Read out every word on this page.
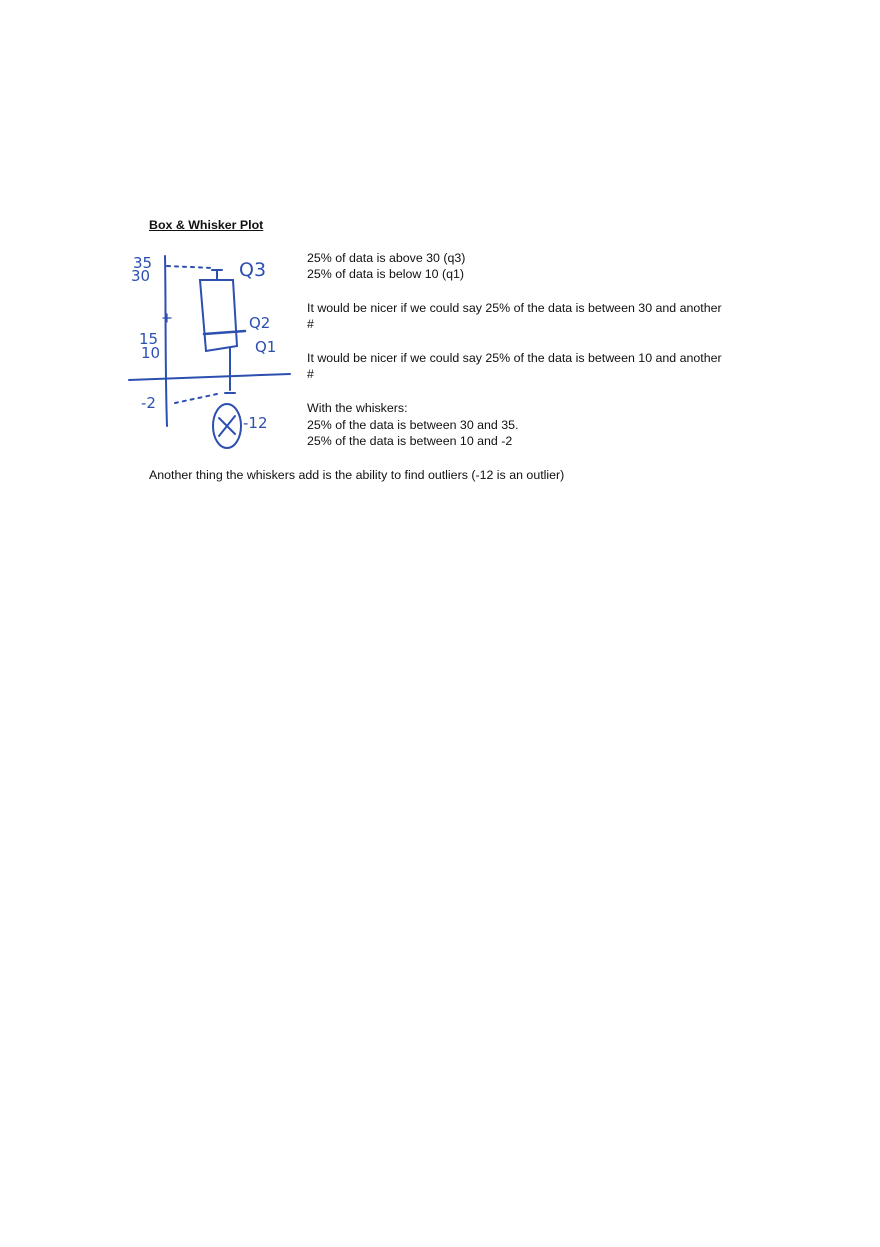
Box & Whisker Plot
35
30
15
10
-2
Q3
Q2
Q1
-12
25% of data is above 30 (q3)
25% of data is below 10 (q1)
It would be nicer if we could say 25% of the data is between 30 and another
#
It would be nicer if we could say 25% of the data is between 10 and another
#
With the whiskers:
25% of the data is between 30 and 35.
25% of the data is between 10 and -2
Another thing the whiskers add is the ability to find outliers (-12 is an outlier)
